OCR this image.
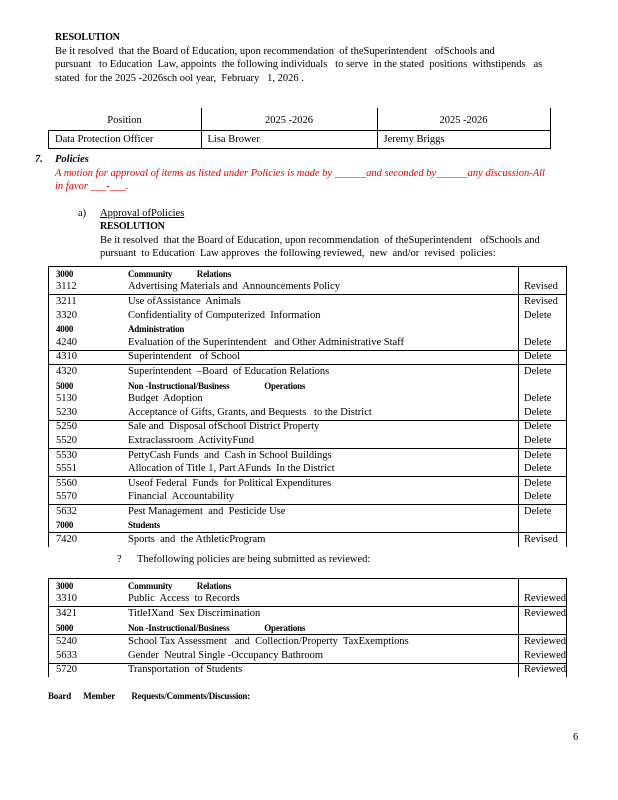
RESOLUTION
Be it resolved  that the Board of Education, upon recommendation  of theSuperintendent   ofSchools and
pursuant   to Education  Law, appoints  the following individuals   to serve  in the stated  positions  withstipends   as
stated  for the 2025 -2026sch ool year,  February   1, 2026 .
Position	2025 -2026	2025 -2026
Data Protection Officer	Lisa Brower	Jeremy Briggs
7. Policies
A motion for approval of items as listed under Policies is made by ______and seconded by______any discussion-All
in favor ___-___.
a) Approval ofPolicies
RESOLUTION
Be it resolved  that the Board of Education, upon recommendation  of theSuperintendent   ofSchools and
pursuant  to Education  Law approves  the following reviewed,  new  and/or  revised  policies:
3000	Community            Relations	
3112	Advertising Materials and  Announcements Policy	Revised
3211	Use ofAssistance  Animals	Revised
3320	Confidentiality of Computerized  Information	Delete
4000	Administration	
4240	Evaluation of the Superintendent   and Other Administrative Staff	Delete
4310	Superintendent   of School	Delete
4320	Superintendent  –Board  of Education Relations	Delete
5000	Non -Instructional/Business                 Operations	
5130	Budget  Adoption	Delete
5230	Acceptance of Gifts, Grants, and Bequests   to the District	Delete
5250	Sale and  Disposal ofSchool District Property	Delete
5520	Extraclassroom  ActivityFund	Delete
5530	PettyCash Funds  and  Cash in School Buildings	Delete
5551	Allocation of Title 1, Part AFunds  In the District	Delete
5560	Useof Federal  Funds  for Political Expenditures	Delete
5570	Financial  Accountability	Delete
5632	Pest Management  and  Pesticide Use	Delete
7000	Students	
7420	Sports  and  the AthleticProgram	Revised
? Thefollowing policies are being submitted as reviewed:
3000	Community            Relations	
3310	Public  Access  to Records	Reviewed
3421	TitleIXand  Sex Discrimination	Reviewed
5000	Non -Instructional/Business                 Operations	
5240	School Tax Assessment   and  Collection/Property  TaxExemptions	Reviewed
5633	Gender  Neutral Single -Occupancy Bathroom	Reviewed
5720	Transportation  of Students	Reviewed
Board      Member        Requests/Comments/Discussion:
6
